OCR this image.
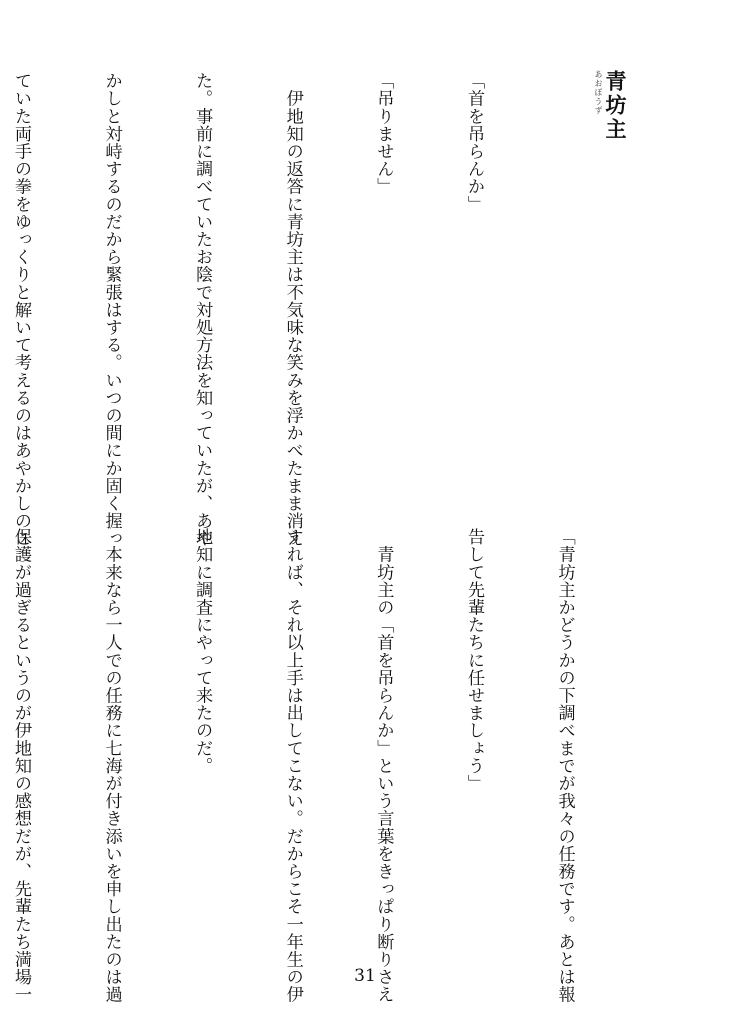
あおぼうず 青坊主

「首を吊らんか」

「吊りません」

　伊地知の返答に青坊主は不気味な笑みを浮かべたまま消え

た。事前に調べていたお陰で対処方法を知っていたが、あや

かしと対峙するのだから緊張はする。いつの間にか固く握っ

ていた両手の拳をゆっくりと解いて考えるのはあやかしのこ

「青坊主かどうかの下調べまでが我々の任務です。あとは報

告して先輩たちに任せましょう」

　青坊主の「首を吊らんか」という言葉をきっぱり断りさえ

すれば、それ以上手は出してこない。だからこそ一年生の伊

地知に調査にやって来たのだ。

　本来なら一人での任務に七海が付き添いを申し出たのは過

保護が過ぎるというのが伊地知の感想だが、先輩たち満場一

	31
